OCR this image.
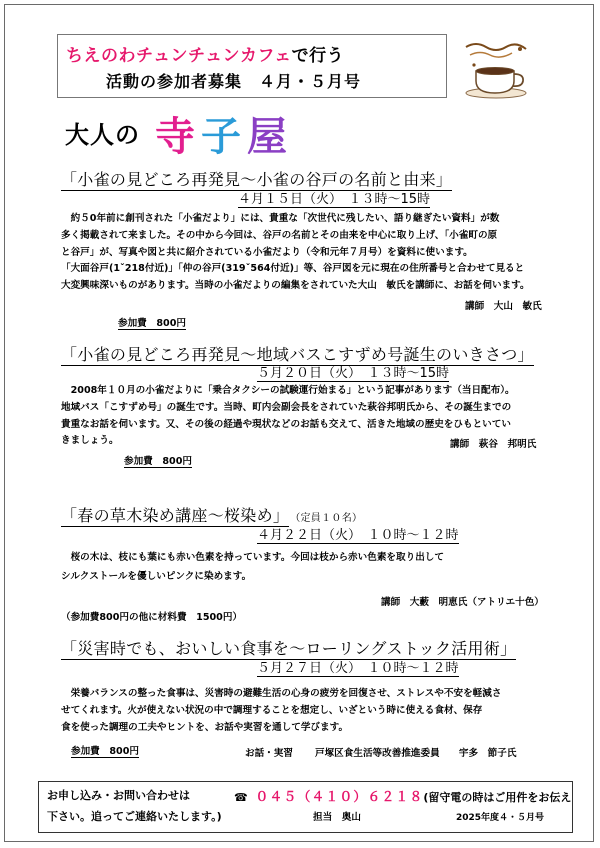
ちえのわチュンチュンカフェで行う
活動の参加者募集　４月・５月号
大人の 寺子屋
「小雀の見どころ再発見～小雀の谷戸の名前と由来」
４月１５日（火）　１３時～15時
　約５0年前に創刊された「小雀だより」には、貴重な「次世代に残したい、語り継ぎたい資料」が数
多く掲載されて来ました。その中から今回は、谷戸の名前とその由来を中心に取り上げ、「小雀町の原
と谷戸」が、写真や図と共に紹介されている小雀だより（令和元年７月号）を資料に使います。
「大面谷戸(1ˇ218付近)」「仲の谷戸(319ˇ564付近)」等、谷戸図を元に現在の住所番号と合わせて見ると
大変興味深いものがあります。当時の小雀だよりの編集をされていた大山　敏氏を講師に、お話を伺います。
講師　大山　敏氏
参加費　800円
「小雀の見どころ再発見～地域バスこすずめ号誕生のいきさつ」
５月２０日（火）　１３時～15時
　2008年１０月の小雀だよりに「乗合タクシーの試験運行始まる」という記事があります（当日配布）。
地域バス「こすずめ号」の誕生です。当時、町内会副会長をされていた萩谷邦明氏から、その誕生までの
貴重なお話を伺います。又、その後の経過や現状などのお話も交えて、活きた地域の歴史をひもといてい
きましょう。	講師　萩谷　邦明氏
参加費　800円
「春の草木染め講座～桜染め」 （定員１０名）
４月２２日（火）　１０時～１２時
　桜の木は、枝にも葉にも赤い色素を持っています。今回は枝から赤い色素を取り出して
シルクストールを優しいピンクに染めます。
講師　大藪　明恵氏（アトリエ十色）
（参加費800円の他に材料費　1500円）
「災害時でも、おいしい食事を～ローリングストック活用術」
５月２７日（火）　１０時～１２時
　栄養バランスの整った食事は、災害時の避難生活の心身の疲労を回復させ、ストレスや不安を軽減さ
せてくれます。火が使えない状況の中で調理することを想定し、いざという時に使える食材、保存
食を使った調理の工夫やヒントを、お話や実習を通して学びます。
参加費　800円	お話・実習 戸塚区食生活等改善推進委員　　宇多　節子氏
お申し込み・お問い合わせは	☎ ０４５（４１０）６２１８(留守電の時はご用件をお伝え
下さい。追ってご連絡いたします。)	担当　奥山	2025年度４・５月号
